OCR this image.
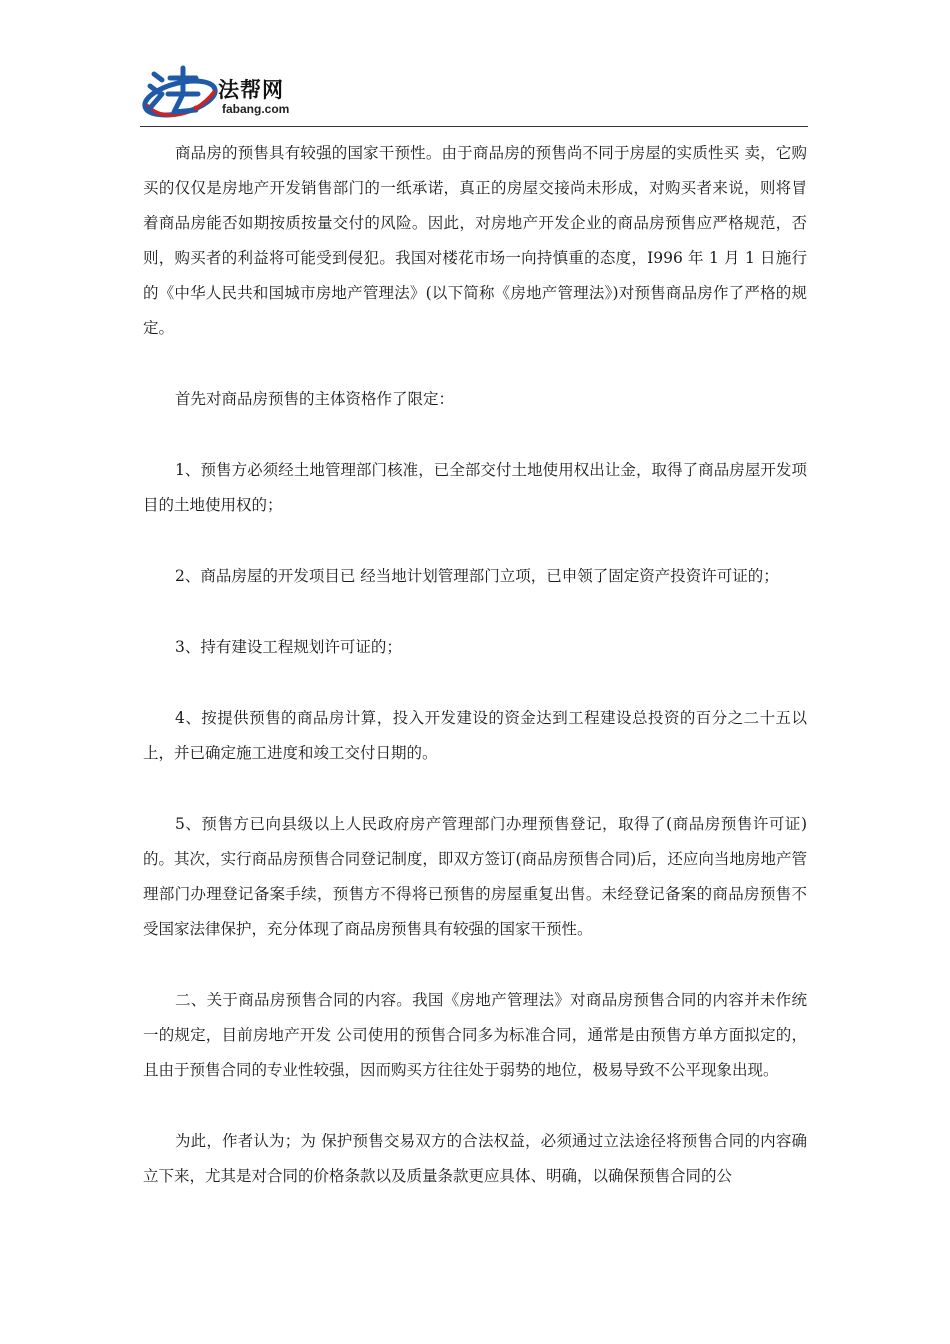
法帮网
fabang.com

商品房的预售具有较强的国家干预性。由于商品房的预售尚不同于房屋的实质性买 卖，它购买的仅仅是房地产开发销售部门的一纸承诺，真正的房屋交接尚未形成，对购买者来说，则将冒着商品房能否如期按质按量交付的风险。因此，对房地产开发企业的商品房预售应严格规范，否则，购买者的利益将可能受到侵犯。我国对楼花市场一向持慎重的态度，I996 年 1 月 1 日施行的《中华人民共和国城市房地产管理法》(以下简称《房地产管理法》)对预售商品房作了严格的规定。

首先对商品房预售的主体资格作了限定：

1、预售方必须经土地管理部门核准，已全部交付土地使用权出让金，取得了商品房屋开发项目的土地使用权的；

2、商品房屋的开发项目已 经当地计划管理部门立项，已申领了固定资产投资许可证的；

3、持有建设工程规划许可证的；

4、按提供预售的商品房计算，投入开发建设的资金达到工程建设总投资的百分之二十五以上，并已确定施工进度和竣工交付日期的。

5、预售方已向县级以上人民政府房产管理部门办理预售登记，取得了(商品房预售许可证)的。其次，实行商品房预售合同登记制度，即双方签订(商品房预售合同)后，还应向当地房地产管理部门办理登记备案手续，预售方不得将已预售的房屋重复出售。未经登记备案的商品房预售不受国家法律保护，充分体现了商品房预售具有较强的国家干预性。

二、关于商品房预售合同的内容。我国《房地产管理法》对商品房预售合同的内容并未作统一的规定，目前房地产开发 公司使用的预售合同多为标准合同，通常是由预售方单方面拟定的，且由于预售合同的专业性较强，因而购买方往往处于弱势的地位，极易导致不公平现象出现。

为此，作者认为；为 保护预售交易双方的合法权益，必须通过立法途径将预售合同的内容确立下来，尤其是对合同的价格条款以及质量条款更应具体、明确，以确保预售合同的公
